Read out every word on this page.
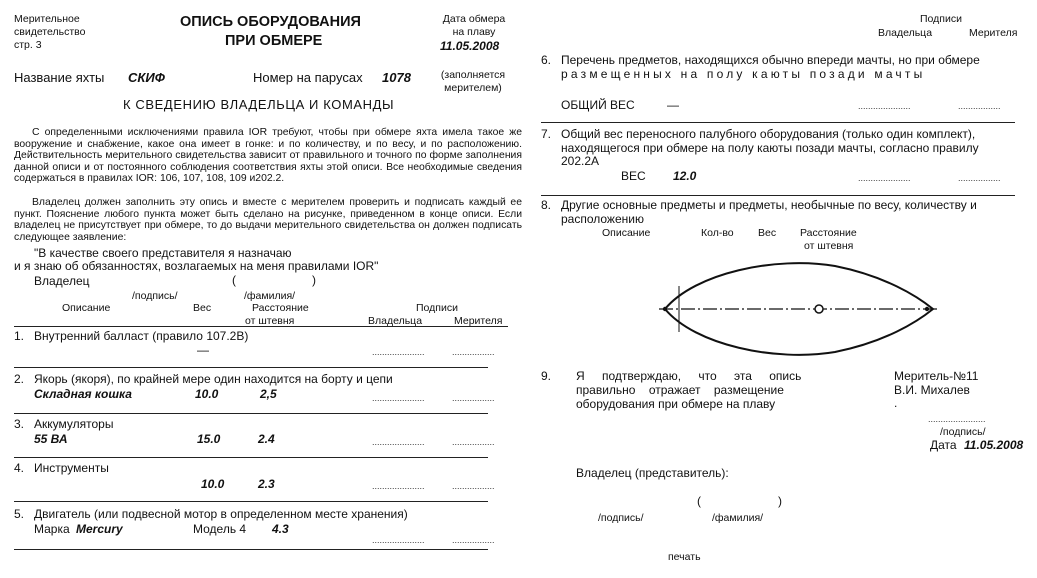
Мерительное свидетельство
стр. 3
ОПИСЬ ОБОРУДОВАНИЯ
ПРИ ОБМЕРЕ
Дата обмера на плаву
11.05.2008
Название яхты СКИФ	Номер на парусах 1078	(заполняется мерителем)
К СВЕДЕНИЮ ВЛАДЕЛЬЦА И КОМАНДЫ
С определенными исключениями правила IOR требуют, чтобы при обмере яхта имела такое же вооружение и снабжение, какое она имеет в гонке: и по количеству, и по весу, и по расположению. Действительность мерительного свидетельства зависит от правильного и точного по форме заполнения данной описи и от постоянного соблюдения соответствия яхты этой описи. Все необходимые сведения содержаться в правилах IOR: 106, 107, 108, 109 и202.2.
Владелец должен заполнить эту опись и вместе с мерителем проверить и подписать каждый ее пункт. Пояснение любого пункта может быть сделано на рисунке, приведенном в конце описи. Если владелец не присутствует при обмере, то до выдачи мерительного свидетельства он должен подписать следующее заявление:
"В качестве своего представителя я назначаю
и я знаю об обязанностях, возлагаемых на меня правилами IOR"
Владелец	(	)
/подпись/	/фамилия/
Описание	Вес	Расстояние
от штевня
Подписи
Владельца	Мерителя
1. Внутренний балласт (правило 107.2В)
—	.....................	.................
2. Якорь (якоря), по крайней мере один находится на борту и цепи
Складная кошка	10.0	2,5	.....................	.................
3. Аккумуляторы
55 ВА	15.0	2.4	.....................	.................
4. Инструменты
10.0	2.3	.....................	.................
5. Двигатель (или подвесной мотор в определенном месте хранения)
Марка Mercury	Модель 4 4.3
.....................	.................
Подписи
Владельца	Мерителя
6. Перечень предметов, находящихся обычно впереди мачты, но при обмере
размещенных на полу каюты позади мачты
ОБЩИЙ ВЕС	—	.....................	.................
7. Общий вес переносного палубного оборудования (только один комплект),
находящегося при обмере на полу каюты позади мачты, согласно правилу
202.2А
ВЕС 12.0	.....................	.................
8. Другие основные предметы и предметы, необычные по весу, количеству и
расположению
Описание	Кол-во Вес Расстояние
от штевня
9. Я подтверждаю, что эта опись
правильно отражает размещение
оборудования при обмере на плаву
Меритель-№11
В.И. Михалев
.
.......................
/подпись/
Дата 11.05.2008
Владелец (представитель):
(	)
/подпись/	/фамилия/
печать
